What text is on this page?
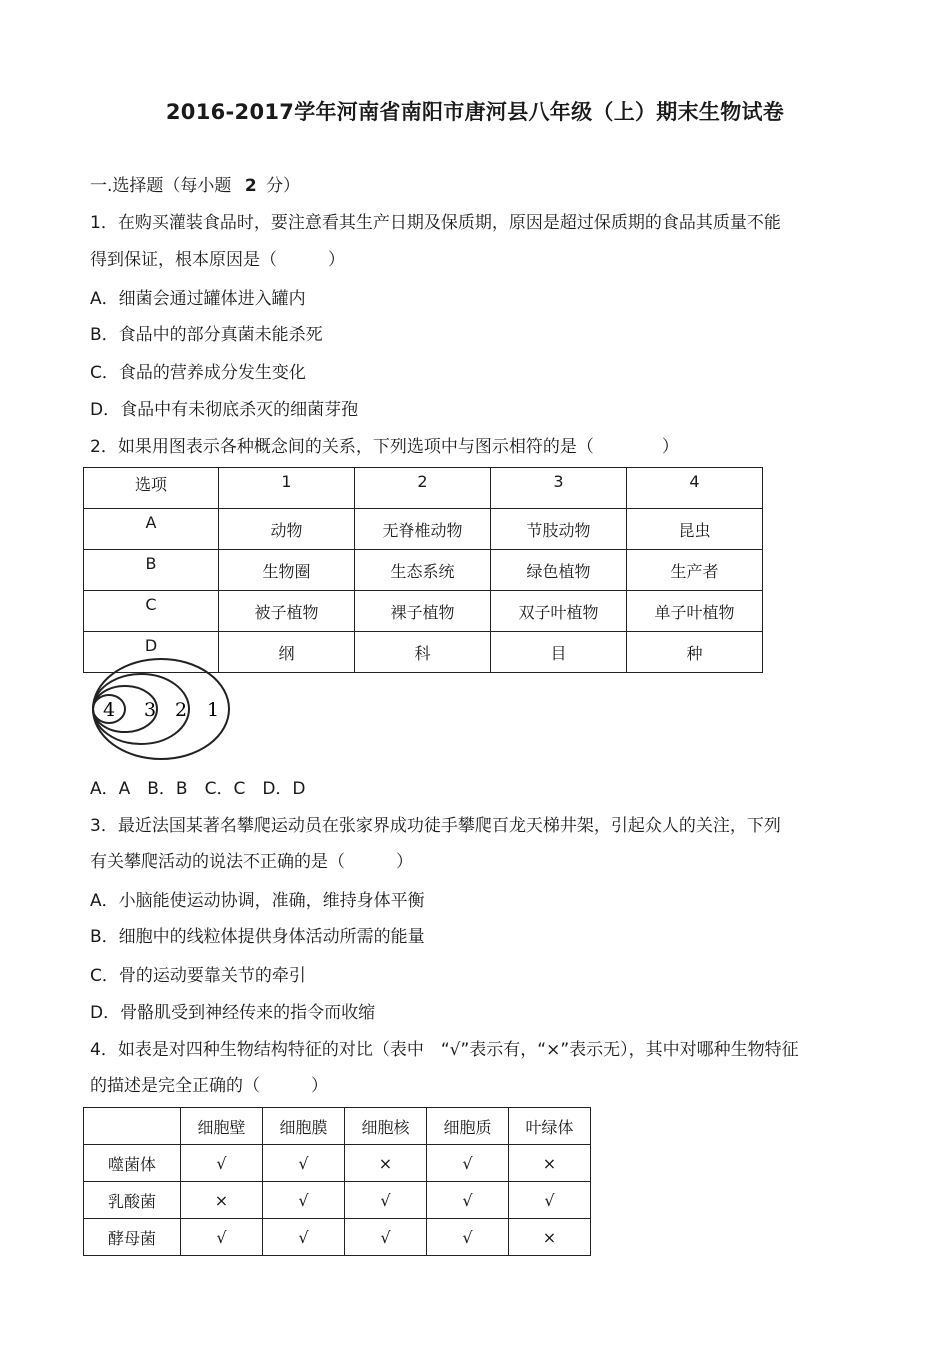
2016-2017学年河南省南阳市唐河县八年级（上）期末生物试卷
一.选择题（每小题 2 分）
1．在购买灌装食品时，要注意看其生产日期及保质期，原因是超过保质期的食品其质量不能
得到保证，根本原因是（　　　）
A．细菌会通过罐体进入罐内
B．食品中的部分真菌未能杀死
C．食品的营养成分发生变化
D．食品中有未彻底杀灭的细菌芽孢
2．如果用图表示各种概念间的关系，下列选项中与图示相符的是（　　　　）
选项	1	2	3	4
A	动物	无脊椎动物	节肢动物	昆虫
B	生物圈	生态系统	绿色植物	生产者
C	被子植物	裸子植物	双子叶植物	单子叶植物
D	纲	科	目	种
4 3 2 1
A．A　B．B　C．C　D．D
3．最近法国某著名攀爬运动员在张家界成功徒手攀爬百龙天梯井架，引起众人的关注，下列
有关攀爬活动的说法不正确的是（　　　）
A．小脑能使运动协调，准确，维持身体平衡
B．细胞中的线粒体提供身体活动所需的能量
C．骨的运动要靠关节的牵引
D．骨骼肌受到神经传来的指令而收缩
4．如表是对四种生物结构特征的对比（表中　“√”表示有，“×”表示无），其中对哪种生物特征
的描述是完全正确的（　　　）
	细胞壁	细胞膜	细胞核	细胞质	叶绿体
噬菌体	√	√	×	√	×
乳酸菌	×	√	√	√	√
酵母菌	√	√	√	√	×
